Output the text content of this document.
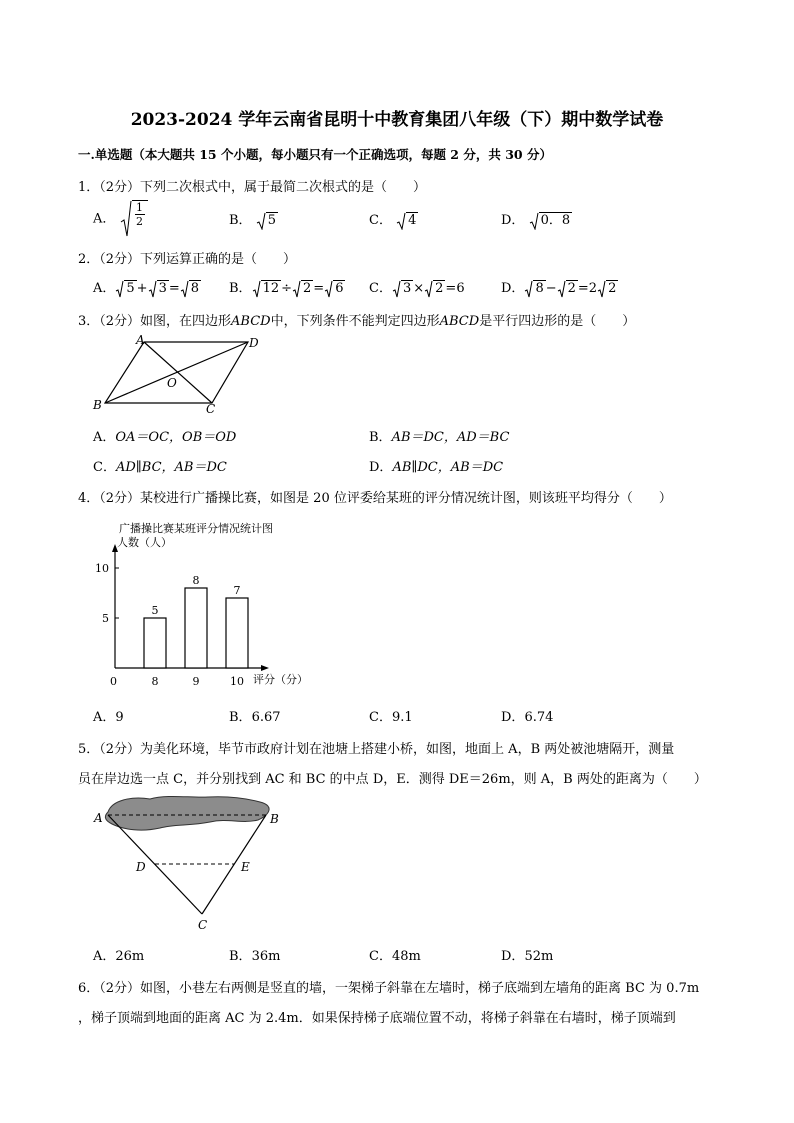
2023-2024 学年云南省昆明十中教育集团八年级（下）期中数学试卷
一.单选题（本大题共 15 个小题，每小题只有一个正确选项，每题 2 分，共 30 分）
1．（2分）下列二次根式中，属于最简二次根式的是（　　）
A．
1
2	B． 5	C． 4	D． 0．8
2．（2分）下列运算正确的是（　　）
A． 5 + 3 = 8 B． 12 ÷ 2 = 6 C． 3 × 2 =6	D． 8 − 2 =2 2
3．（2分）如图，在四边形ABCD中，下列条件不能判定四边形ABCD是平行四边形的是（　　）
A	D
B	C
O
A．OA＝OC，OB＝OD	B．AB＝DC，AD＝BC
C．AD∥BC，AB＝DC	D．AB∥DC，AB＝DC
4．（2分）某校进行广播操比赛，如图是 20 位评委给某班的评分情况统计图，则该班平均得分（　　）
广播操比赛某班评分情况统计图
人数（人）
0	评分（分）
5
10
5
8
8
9
7
10
A．9	B．6.67	C．9.1	D．6.74
5．（2分）为美化环境，毕节市政府计划在池塘上搭建小桥，如图，地面上 A，B 两处被池塘隔开，测量
员在岸边选一点 C，并分别找到 AC 和 BC 的中点 D，E．测得 DE＝26m，则 A，B 两处的距离为（　　）
A	B
C
D	E
A．26m	B．36m	C．48m	D．52m
6．（2分）如图，小巷左右两侧是竖直的墙，一架梯子斜靠在左墙时，梯子底端到左墙角的距离 BC 为 0.7m
，梯子顶端到地面的距离 AC 为 2.4m．如果保持梯子底端位置不动，将梯子斜靠在右墙时，梯子顶端到
